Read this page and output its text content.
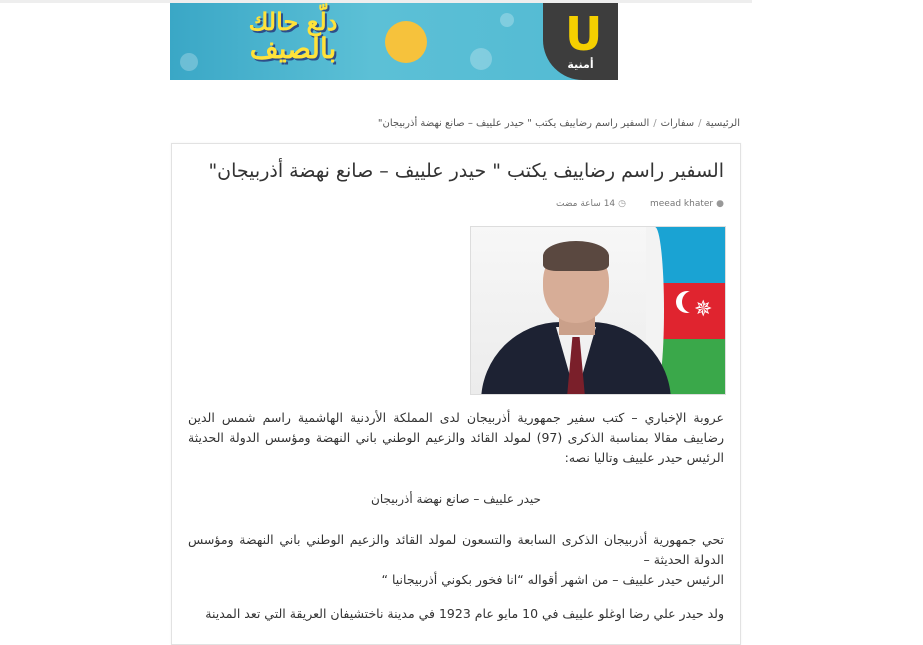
دلّع حالك
بالصيف	U
أمنية
الرئيسية/سفارات/السفير راسم رضاييف يكتب " حيدر علييف – صانع نهضة أذربيجان"
السفير راسم رضاييف يكتب " حيدر علييف – صانع نهضة أذربيجان"
●meead khater◷14 ساعة مضت
✵

عروبة الإخباري – كتب سفير جمهورية أذربيجان لدى المملكة الأردنية الهاشمية راسم شمس الدين رضاييف مقالا بمناسبة الذكرى (97) لمولد القائد والزعيم الوطني باني النهضة ومؤسس الدولة الحديثة الرئيس حيدر علييف وتاليا نصه:

حيدر علييف – صانع نهضة أذربيجان
تحي جمهورية أذربيجان الذكرى السابعة والتسعون لمولد القائد والزعيم الوطني باني النهضة ومؤسس الدولة الحديثة –
الرئيس حيدر علييف – من اشهر أقواله “انا فخور بكوني أذربيجانيا “

ولد حيدر علي رضا اوغلو علييف في 10 مايو عام 1923 في مدينة ناختشيفان العريقة التي تعد المدينة
